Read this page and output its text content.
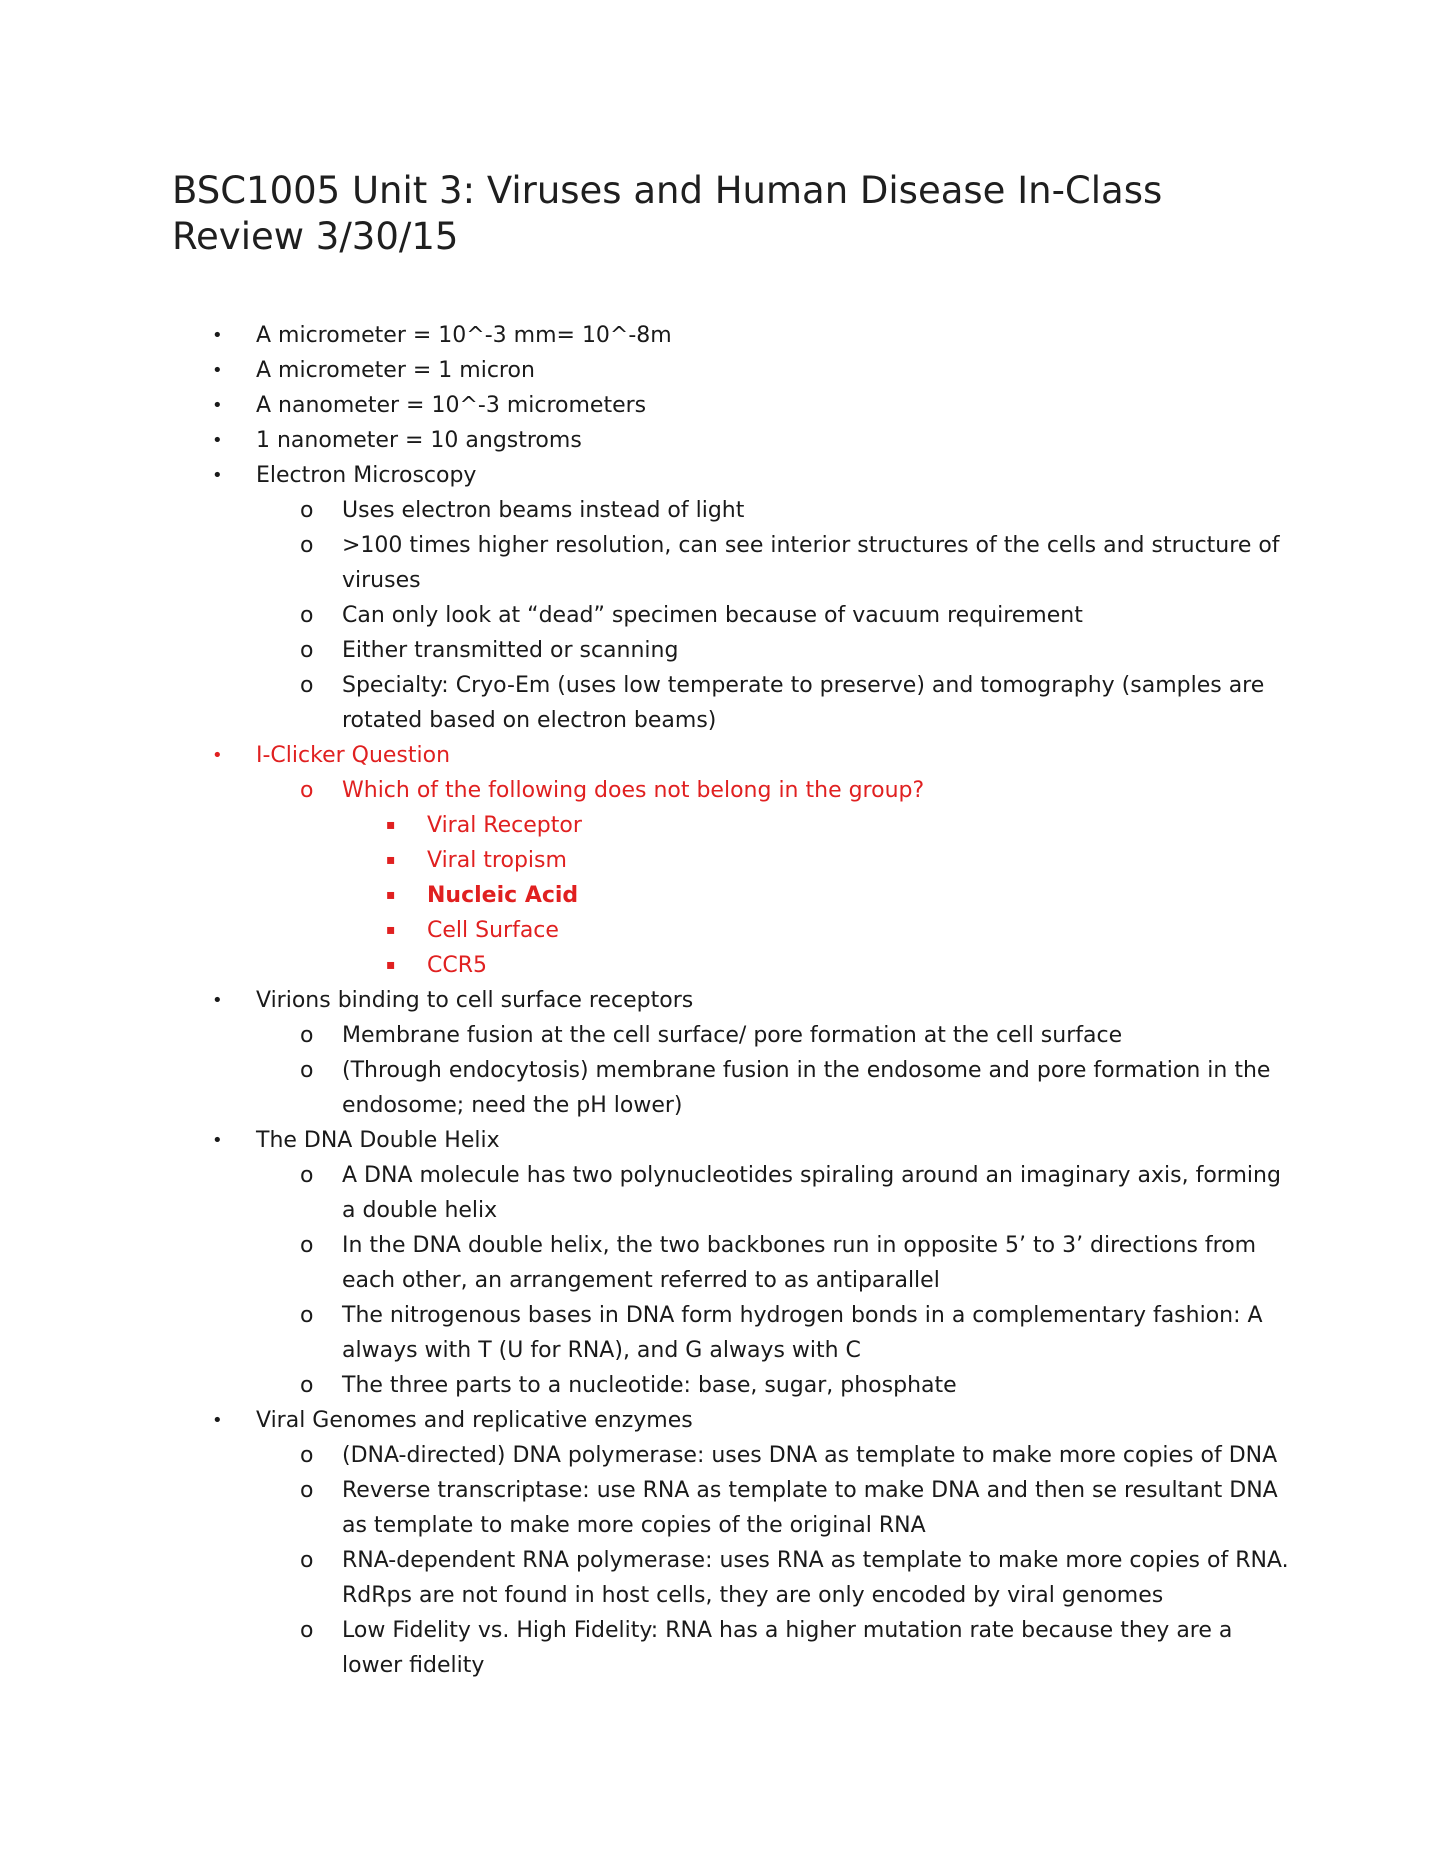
BSC1005 Unit 3: Viruses and Human Disease In-Class Review 3/30/15
• A micrometer = 10^-3 mm= 10^-8m
• A micrometer = 1 micron
• A nanometer = 10^-3 micrometers
• 1 nanometer = 10 angstroms
• Electron Microscopy
o Uses electron beams instead of light
o >100 times higher resolution, can see interior structures of the cells and structure of viruses
o Can only look at “dead” specimen because of vacuum requirement
o Either transmitted or scanning
o Specialty: Cryo-Em (uses low temperate to preserve) and tomography (samples are rotated based on electron beams)
• I-Clicker Question
o Which of the following does not belong in the group?
▪ Viral Receptor
▪ Viral tropism
▪ Nucleic Acid
▪ Cell Surface
▪ CCR5
• Virions binding to cell surface receptors
o Membrane fusion at the cell surface/ pore formation at the cell surface
o (Through endocytosis) membrane fusion in the endosome and pore formation in the endosome; need the pH lower)
• The DNA Double Helix
o A DNA molecule has two polynucleotides spiraling around an imaginary axis, forming a double helix
o In the DNA double helix, the two backbones run in opposite 5’ to 3’ directions from each other, an arrangement referred to as antiparallel
o The nitrogenous bases in DNA form hydrogen bonds in a complementary fashion: A always with T (U for RNA), and G always with C
o The three parts to a nucleotide: base, sugar, phosphate
• Viral Genomes and replicative enzymes
o (DNA-directed) DNA polymerase: uses DNA as template to make more copies of DNA
o Reverse transcriptase: use RNA as template to make DNA and then se resultant DNA as template to make more copies of the original RNA
o RNA-dependent RNA polymerase: uses RNA as template to make more copies of RNA. RdRps are not found in host cells, they are only encoded by viral genomes
o Low Fidelity vs. High Fidelity: RNA has a higher mutation rate because they are a lower fidelity
